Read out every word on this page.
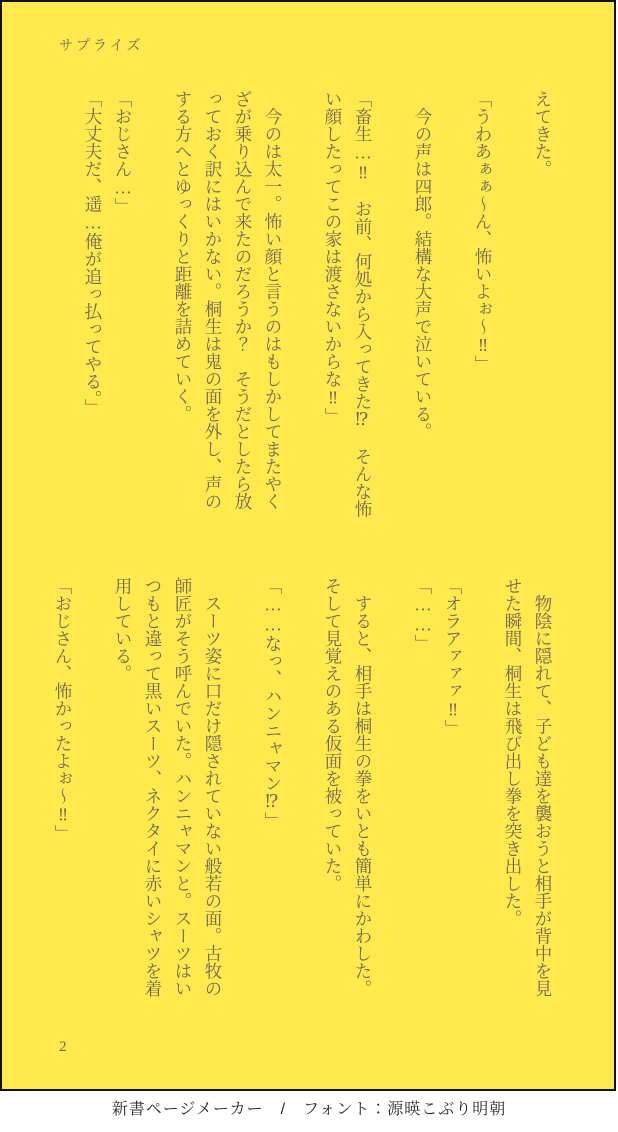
サプライズ

えてきた。

「うわあぁぁ〜ん、怖いよぉ〜‼」

　今の声は四郎。結構な大声で泣いている。

「畜生…‼　お前、何処から入ってきた⁉　そんな怖

い顔したってこの家は渡さないからな‼」

　今のは太一。怖い顔と言うのはもしかしてまたやく

ざが乗り込んで来たのだろうか？　そうだとしたら放

っておく訳にはいかない。桐生は鬼の面を外し、声の

する方へとゆっくりと距離を詰めていく。

「おじさん…」

「大丈夫だ、遥…俺が追っ払ってやる。」

　物陰に隠れて、子ども達を襲おうと相手が背中を見

せた瞬間、桐生は飛び出し拳を突き出した。

「オラアァァァ‼」

「……」

　すると、相手は桐生の拳をいとも簡単にかわした。

そして見覚えのある仮面を被っていた。

「……なっ、ハンニャマン⁉」

　スーツ姿に口だけ隠されていない般若の面。古牧の

師匠がそう呼んでいた。ハンニャマンと。スーツはい

つもと違って黒いスーツ、ネクタイに赤いシャツを着

用している。

「おじさん、怖かったよぉ〜‼」

2
新書ページメーカー　/　フォント：源暎こぶり明朝
